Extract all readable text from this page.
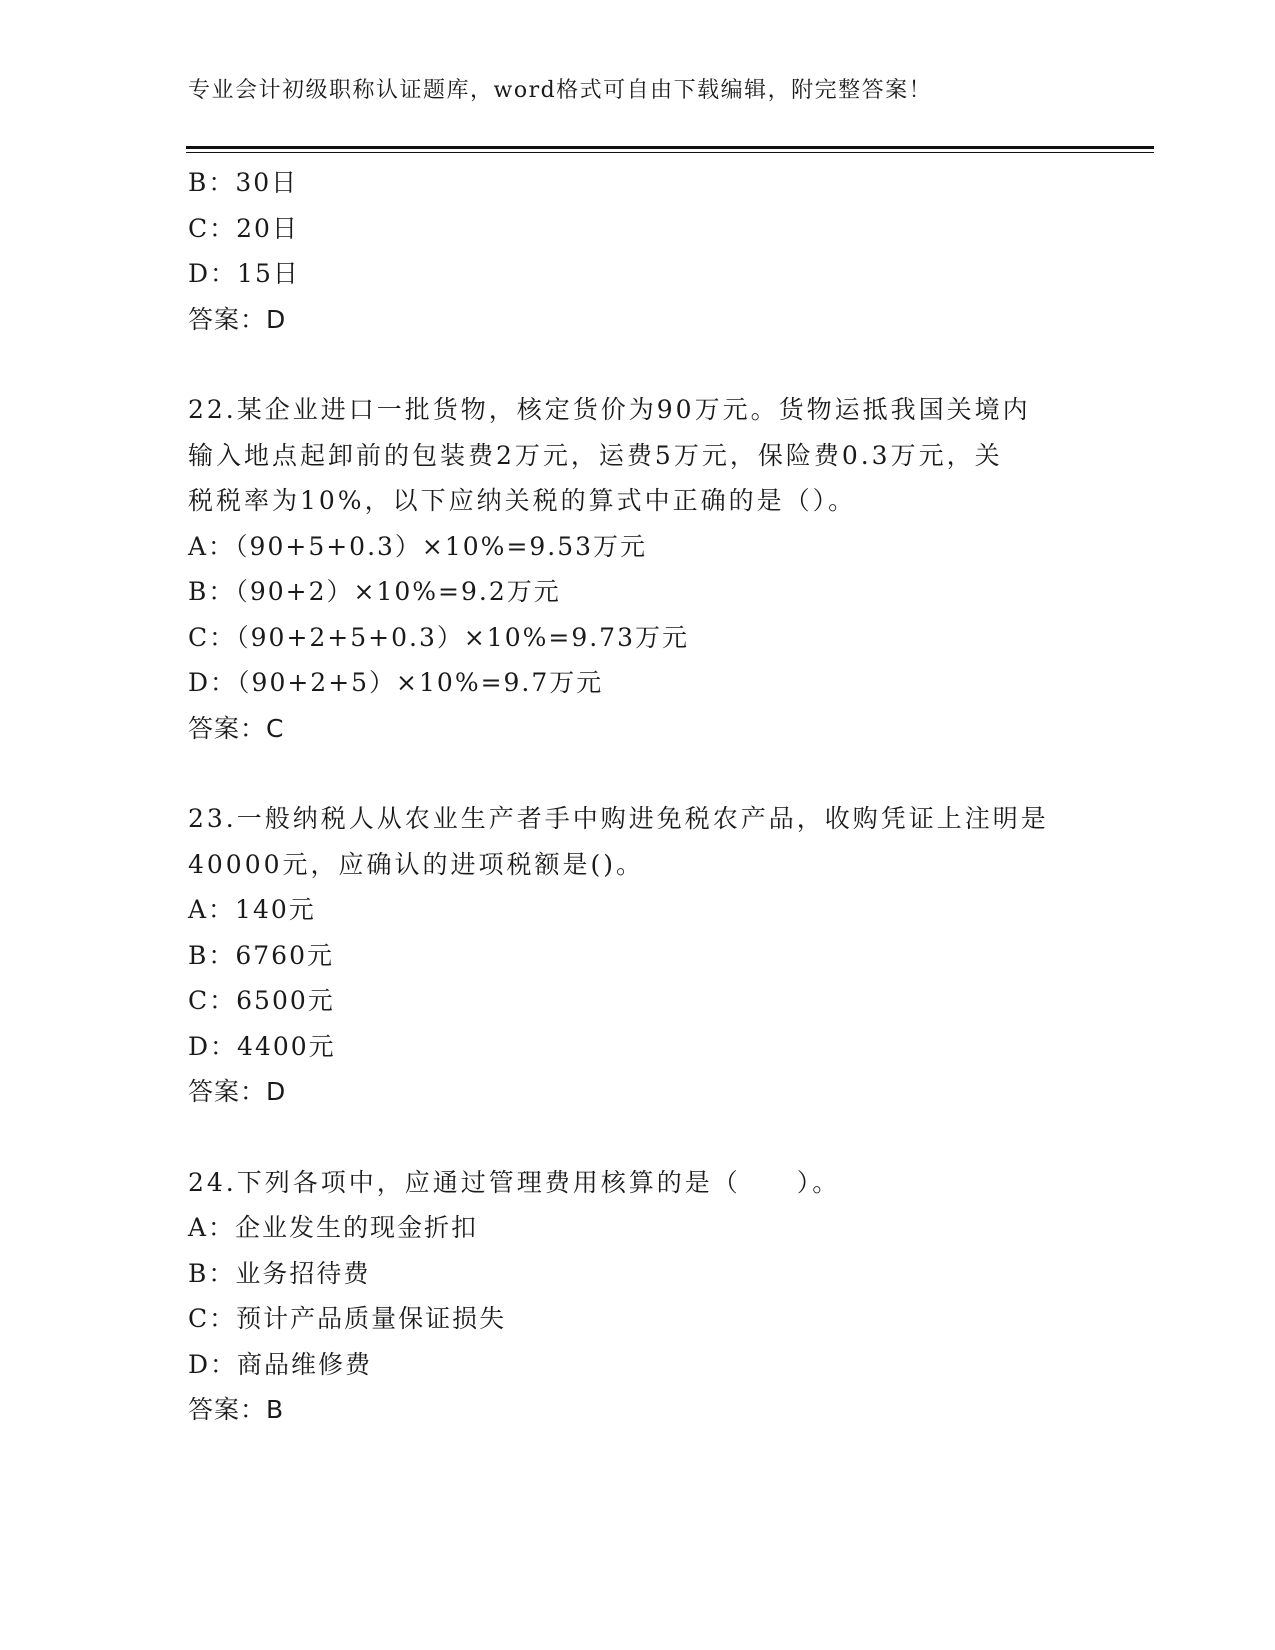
专业会计初级职称认证题库，word格式可自由下载编辑，附完整答案！

B：30日

C：20日

D：15日

答案：D

22.某企业进口一批货物，核定货价为90万元。货物运抵我国关境内

输入地点起卸前的包装费2万元，运费5万元，保险费0.3万元，关

税税率为10%，以下应纳关税的算式中正确的是（）。

A：（90+5+0.3）×10%=9.53万元

B：（90+2）×10%=9.2万元

C：（90+2+5+0.3）×10%=9.73万元

D：（90+2+5）×10%=9.7万元

答案：C

23.一般纳税人从农业生产者手中购进免税农产品，收购凭证上注明是

40000元，应确认的进项税额是()。

A：140元

B：6760元

C：6500元

D：4400元

答案：D

24.下列各项中，应通过管理费用核算的是（　　）。

A：企业发生的现金折扣

B：业务招待费

C：预计产品质量保证损失

D：商品维修费

答案：B
